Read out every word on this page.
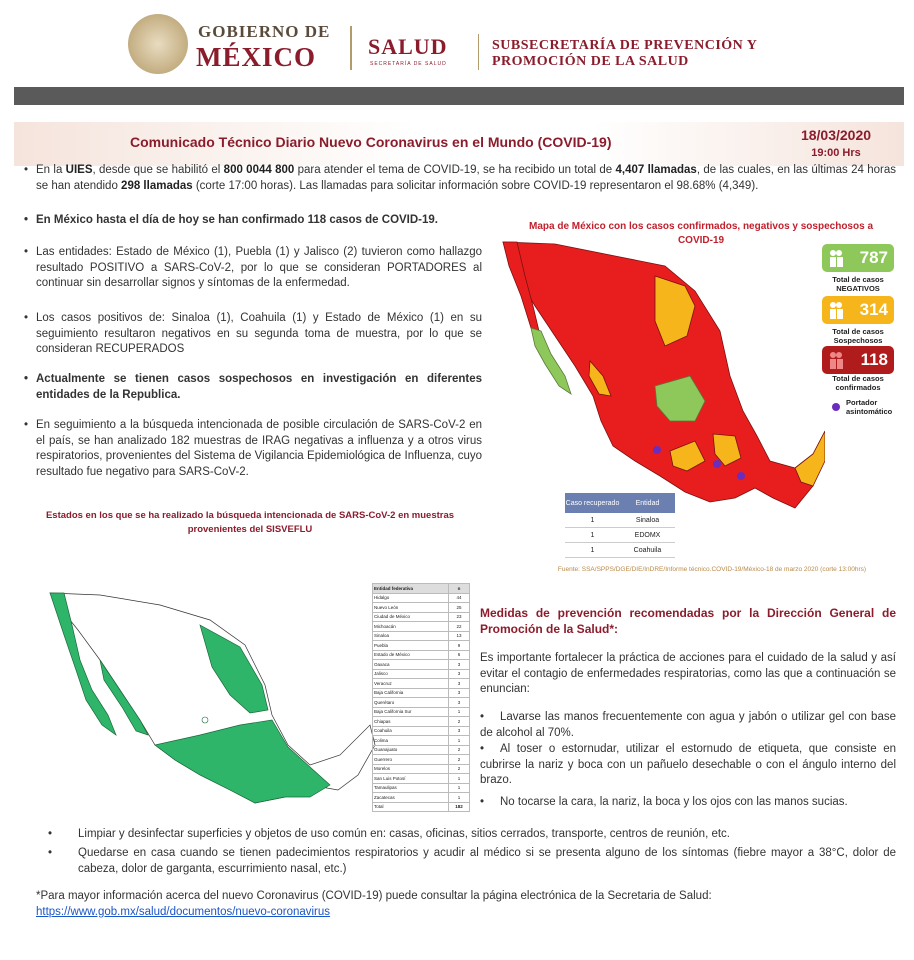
GOBIERNO DE
MÉXICO SALUD
SECRETARÍA DE SALUD
SUBSECRETARÍA DE PREVENCIÓN Y
PROMOCIÓN DE LA SALUD
Comunicado Técnico Diario Nuevo Coronavirus en el Mundo (COVID-19)	18/03/2020
19:00 Hrs
• En la UIES, desde que se habilitó el 800 0044 800 para atender el tema de COVID-19, se ha recibido un total de 4,407 llamadas, de las cuales, en las últimas 24 horas se han atendido 298 llamadas (corte 17:00 horas). Las llamadas para solicitar información sobre COVID-19 representaron el 98.68% (4,349).
• En México hasta el día de hoy se han confirmado 118 casos de COVID-19.
• Las entidades: Estado de México (1), Puebla (1) y Jalisco (2) tuvieron como hallazgo resultado POSITIVO a SARS-CoV-2, por lo que se consideran PORTADORES al continuar sin desarrollar signos y síntomas de la enfermedad.
• Los casos positivos de: Sinaloa (1), Coahuila (1) y Estado de México (1) en su seguimiento resultaron negativos en su segunda toma de muestra, por lo que se consideran RECUPERADOS
• Actualmente se tienen casos sospechosos en investigación en diferentes entidades de la Republica.
• En seguimiento a la búsqueda intencionada de posible circulación de SARS-CoV-2 en el país, se han analizado 182 muestras de IRAG negativas a influenza y a otros virus respiratorios, provenientes del Sistema de Vigilancia Epidemiológica de Influenza, cuyo resultado fue negativo para SARS-CoV-2.
Mapa de México con los casos confirmados, negativos y sospechosos a COVID-19
787
Total de casos NEGATIVOS
314
Total de casos Sospechosos
118
Total de casos confirmados
Portador asintomático
Caso recuperado	Entidad
1	Sinaloa
1	EDOMX
1	Coahuila
Fuente: SSA/SPPS/DGE/DIE/InDRE/Informe técnico.COVID-19/México-18 de marzo 2020 (corte 13:00hrs)
Estados en los que se ha realizado la búsqueda intencionada de SARS-CoV-2 en muestras provenientes del SISVEFLU
Entidad federativa	n
Hidalgo	44
Nuevo León	25
Ciudad de México	23
Michoacán	22
Sinaloa	13
Puebla	9
Estado de México	6
Oaxaca	3
Jalisco	3
Veracruz	3
Baja California	3
Querétaro	3
Baja California Sur	1
Chiapas	2
Coahuila	3
Colima	1
Guanajuato	2
Guerrero	2
Morelos	2
San Luis Potosí	1
Tamaulipas	1
Zacatecas	1
Total	182
Medidas de prevención recomendadas por la Dirección General de Promoción de la Salud*:
Es importante fortalecer la práctica de acciones para el cuidado de la salud y así evitar el contagio de enfermedades respiratorias, como las que a continuación se enuncian:
• Lavarse las manos frecuentemente con agua y jabón o utilizar gel con base de alcohol al 70%.
• Al toser o estornudar, utilizar el estornudo de etiqueta, que consiste en cubrirse la nariz y boca con un pañuelo desechable o con el ángulo interno del brazo.
• No tocarse la cara, la nariz, la boca y los ojos con las manos sucias.
• Limpiar y desinfectar superficies y objetos de uso común en: casas, oficinas, sitios cerrados, transporte, centros de reunión, etc.
• Quedarse en casa cuando se tienen padecimientos respiratorios y acudir al médico si se presenta alguno de los síntomas (fiebre mayor a 38°C, dolor de cabeza, dolor de garganta, escurrimiento nasal, etc.)
*Para mayor información acerca del nuevo Coronavirus (COVID-19) puede consultar la página electrónica de la Secretaria de Salud:
https://www.gob.mx/salud/documentos/nuevo-coronavirus
